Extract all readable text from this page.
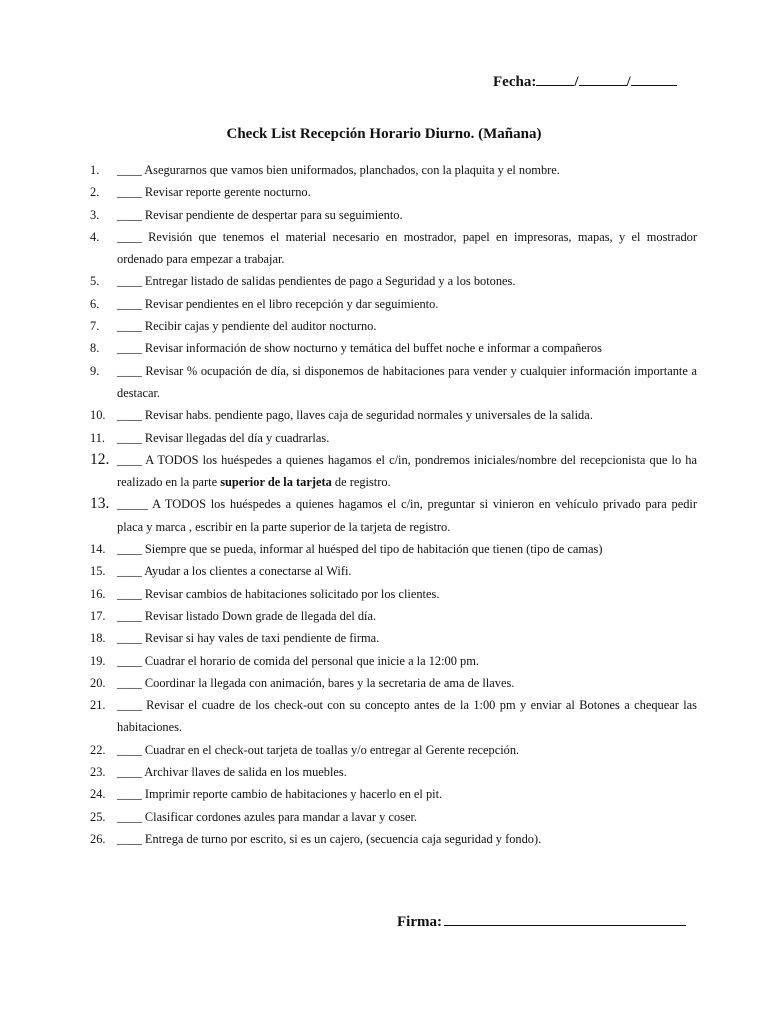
Fecha:	/	/
Check List Recepción Horario Diurno. (Mañana)
1.	____ Asegurarnos que vamos bien uniformados, planchados, con la plaquita y el nombre.
2.	____ Revisar reporte gerente nocturno.
3.	____ Revisar pendiente de despertar para su seguimiento.
4.	____ Revisión que tenemos el material necesario en mostrador, papel en impresoras, mapas, y el mostrador ordenado para empezar a trabajar.
5.	____ Entregar listado de salidas pendientes de pago a Seguridad y a los botones.
6.	____ Revisar pendientes en el libro recepción y dar seguimiento.
7.	____ Recibir cajas y pendiente del auditor nocturno.
8.	____ Revisar información de show nocturno y temática del buffet noche e informar a compañeros
9.	____ Revisar % ocupación de día, si disponemos de habitaciones para vender y cualquier información importante a destacar.
10. ____ Revisar habs. pendiente pago, llaves caja de seguridad normales y universales de la salida.
11. ____ Revisar llegadas del día y cuadrarlas.
12. ____ A TODOS los huéspedes a quienes hagamos el c/in, pondremos iniciales/nombre del recepcionista que lo ha realizado en la parte superior de la tarjeta de registro.
13. _____ A TODOS los huéspedes a quienes hagamos el c/in, preguntar si vinieron en vehículo privado para pedir placa y marca , escribir en la parte superior de la tarjeta de registro.
14. ____ Siempre que se pueda, informar al huésped del tipo de habitación que tienen (tipo de camas)
15. ____ Ayudar a los clientes a conectarse al Wifi.
16. ____ Revisar cambios de habitaciones solicitado por los clientes.
17. ____ Revisar listado Down grade de llegada del día.
18. ____ Revisar si hay vales de taxi pendiente de firma.
19. ____ Cuadrar el horario de comida del personal que inicie a la 12:00 pm.
20. ____ Coordinar la llegada con animación, bares y la secretaria de ama de llaves.
21. ____ Revisar el cuadre de los check-out con su concepto antes de la 1:00 pm y enviar al Botones a chequear las habitaciones.
22. ____ Cuadrar en el check-out tarjeta de toallas y/o entregar al Gerente recepción.
23. ____ Archivar llaves de salida en los muebles.
24. ____ Imprimir reporte cambio de habitaciones y hacerlo en el pit.
25. ____ Clasificar cordones azules para mandar a lavar y coser.
26. ____ Entrega de turno por escrito, si es un cajero, (secuencia caja seguridad y fondo).
Firma:
